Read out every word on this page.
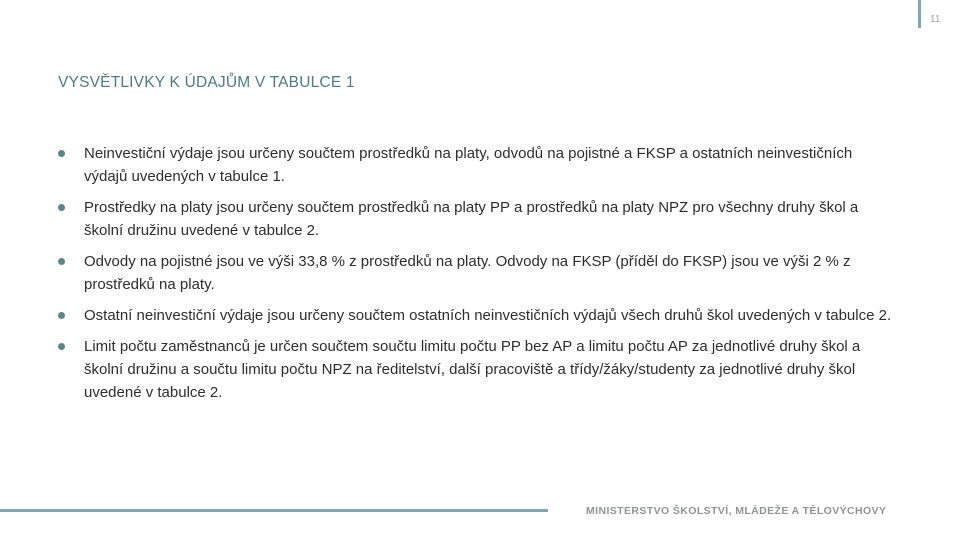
11
VYSVĚTLIVKY K ÚDAJŮM V TABULCE 1
Neinvestiční výdaje jsou určeny součtem prostředků na platy, odvodů na pojistné a FKSP a ostatních neinvestičních výdajů uvedených v tabulce 1.
Prostředky na platy jsou určeny součtem prostředků na platy PP a prostředků na platy NPZ pro všechny druhy škol a školní družinu uvedené v tabulce 2.
Odvody na pojistné jsou ve výši 33,8 % z prostředků na platy. Odvody na FKSP (příděl do FKSP) jsou ve výši 2 % z prostředků na platy.
Ostatní neinvestiční výdaje jsou určeny součtem ostatních neinvestičních výdajů všech druhů škol uvedených v tabulce 2.
Limit počtu zaměstnanců je určen součtem součtu limitu počtu PP bez AP a limitu počtu AP za jednotlivé druhy škol a školní družinu a součtu limitu počtu NPZ na ředitelství, další pracoviště a třídy/žáky/studenty za jednotlivé druhy škol uvedené v tabulce 2.
MINISTERSTVO ŠKOLSTVÍ, MLÁDEŽE A TĚLOVÝCHOVY
